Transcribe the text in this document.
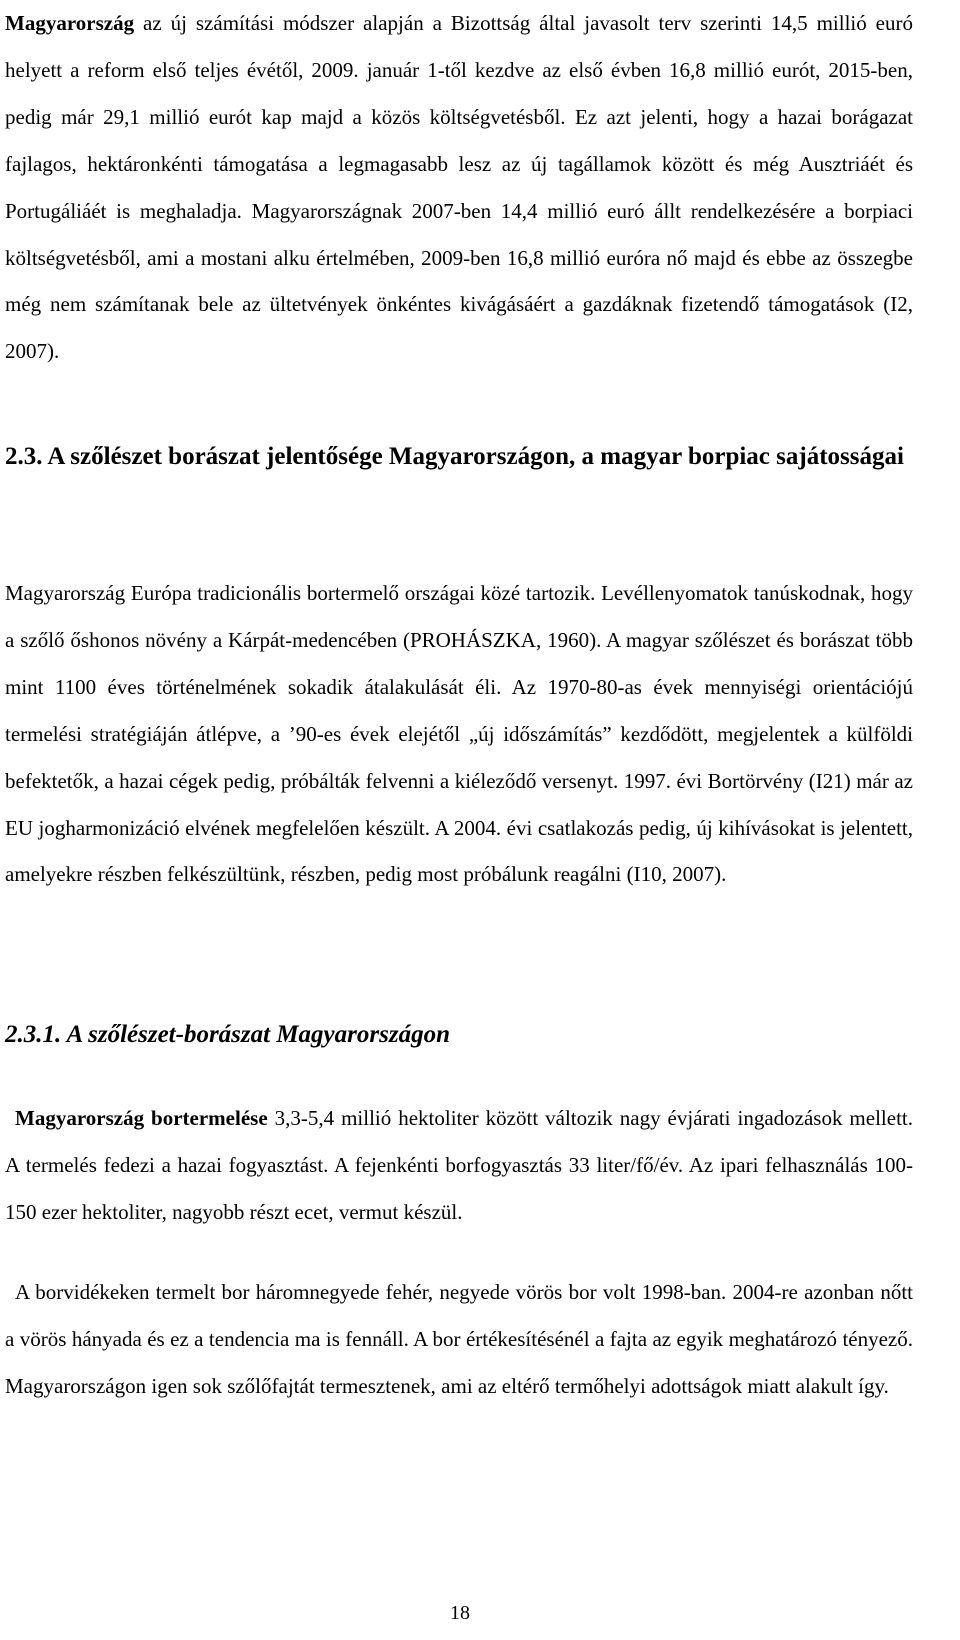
Magyarország az új számítási módszer alapján a Bizottság által javasolt terv szerinti 14,5 millió euró helyett a reform első teljes évétől, 2009. január 1-től kezdve az első évben 16,8 millió eurót, 2015-ben, pedig már 29,1 millió eurót kap majd a közös költségvetésből. Ez azt jelenti, hogy a hazai borágazat fajlagos, hektáronkénti támogatása a legmagasabb lesz az új tagállamok között és még Ausztriáét és Portugáliáét is meghaladja. Magyarországnak 2007-ben 14,4 millió euró állt rendelkezésére a borpiaci költségvetésből, ami a mostani alku értelmében, 2009-ben 16,8 millió euróra nő majd és ebbe az összegbe még nem számítanak bele az ültetvények önkéntes kivágásáért a gazdáknak fizetendő támogatások (I2, 2007).

2.3. A szőlészet borászat jelentősége Magyarországon, a magyar borpiac sajátosságai

Magyarország Európa tradicionális bortermelő országai közé tartozik. Levéllenyomatok tanúskodnak, hogy a szőlő őshonos növény a Kárpát-medencében (PROHÁSZKA, 1960). A magyar szőlészet és borászat több mint 1100 éves történelmének sokadik átalakulását éli. Az 1970-80-as évek mennyiségi orientációjú termelési stratégiáján átlépve, a ’90-es évek elejétől „új időszámítás” kezdődött, megjelentek a külföldi befektetők, a hazai cégek pedig, próbálták felvenni a kiéleződő versenyt. 1997. évi Bortörvény (I21) már az EU jogharmonizáció elvének megfelelően készült. A 2004. évi csatlakozás pedig, új kihívásokat is jelentett, amelyekre részben felkészültünk, részben, pedig most próbálunk reagálni (I10, 2007).

2.3.1. A szőlészet-borászat Magyarországon

Magyarország bortermelése 3,3-5,4 millió hektoliter között változik nagy évjárati ingadozások mellett. A termelés fedezi a hazai fogyasztást. A fejenkénti borfogyasztás 33 liter/fő/év. Az ipari felhasználás 100-150 ezer hektoliter, nagyobb részt ecet, vermut készül.

A borvidékeken termelt bor háromnegyede fehér, negyede vörös bor volt 1998-ban. 2004-re azonban nőtt a vörös hányada és ez a tendencia ma is fennáll. A bor értékesítésénél a fajta az egyik meghatározó tényező. Magyarországon igen sok szőlőfajtát termesztenek, ami az eltérő termőhelyi adottságok miatt alakult így.

18
